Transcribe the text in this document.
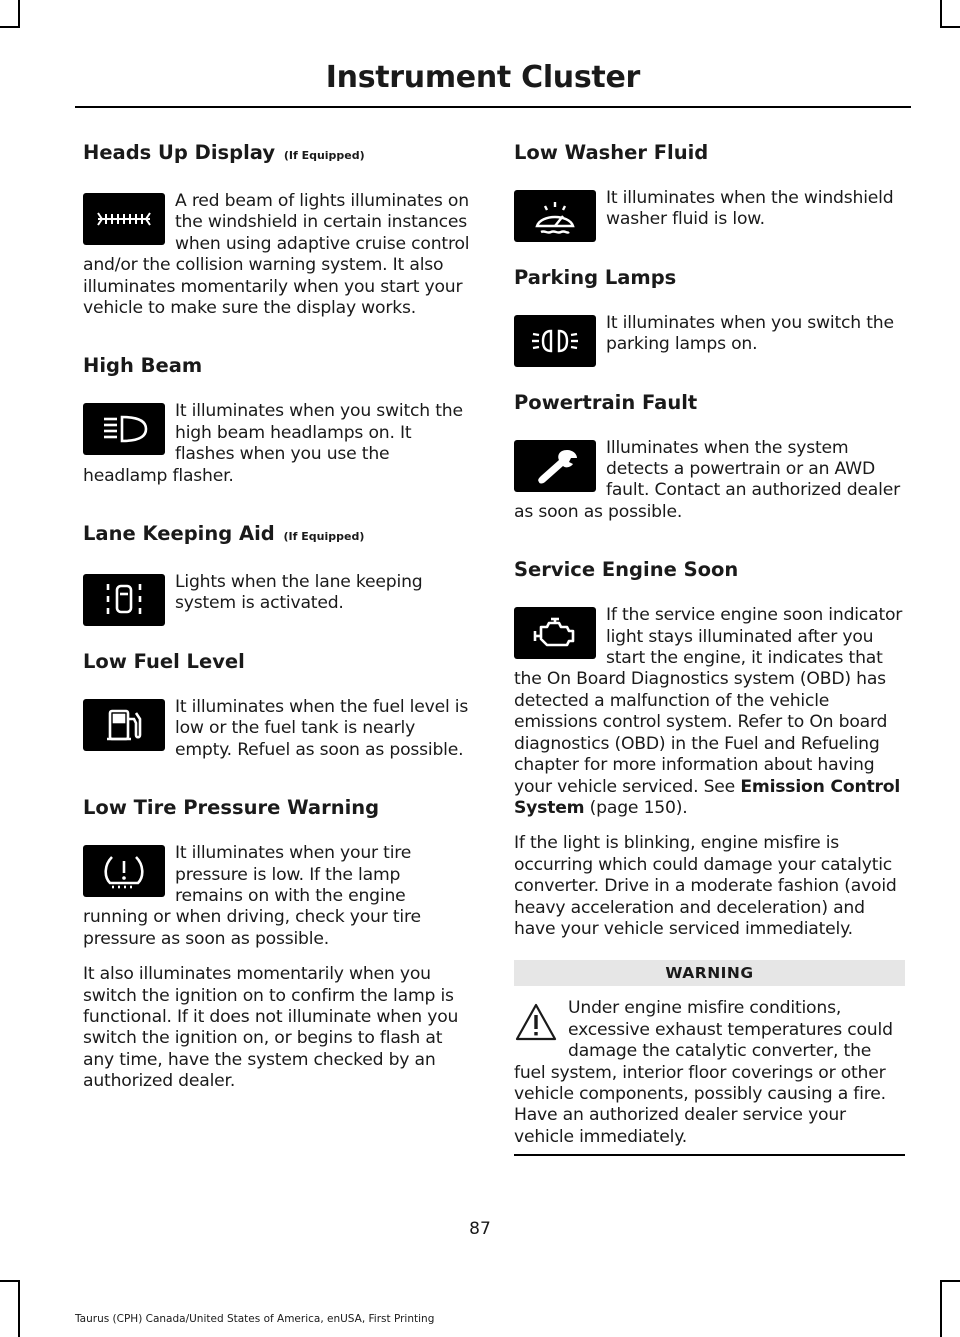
Instrument Cluster
Heads Up Display (If Equipped)

A red beam of lights illuminates on the windshield in certain instances when using adaptive cruise control and/or the collision warning system. It also illuminates momentarily when you start your vehicle to make sure the display works.

High Beam

It illuminates when you switch the high beam headlamps on. It flashes when you use the headlamp flasher.

Lane Keeping Aid (If Equipped)

Lights when the lane keeping system is activated.

Low Fuel Level

It illuminates when the fuel level is low or the fuel tank is nearly empty. Refuel as soon as possible.

Low Tire Pressure Warning

It illuminates when your tire pressure is low. If the lamp remains on with the engine running or when driving, check your tire pressure as soon as possible.

It also illuminates momentarily when you switch the ignition on to confirm the lamp is functional. If it does not illuminate when you switch the ignition on, or begins to flash at any time, have the system checked by an authorized dealer.

Low Washer Fluid

It illuminates when the windshield washer fluid is low.

Parking Lamps

It illuminates when you switch the parking lamps on.

Powertrain Fault

Illuminates when the system detects a powertrain or an AWD fault. Contact an authorized dealer as soon as possible.

Service Engine Soon

If the service engine soon indicator light stays illuminated after you start the engine, it indicates that the On Board Diagnostics system (OBD) has detected a malfunction of the vehicle emissions control system. Refer to On board diagnostics (OBD) in the Fuel and Refueling chapter for more information about having your vehicle serviced. See Emission Control System (page 150).

If the light is blinking, engine misfire is occurring which could damage your catalytic converter. Drive in a moderate fashion (avoid heavy acceleration and deceleration) and have your vehicle serviced immediately.

WARNING

Under engine misfire conditions, excessive exhaust temperatures could damage the catalytic converter, the fuel system, interior floor coverings or other vehicle components, possibly causing a fire. Have an authorized dealer service your vehicle immediately.

87
Taurus (CPH) Canada/United States of America, enUSA, First Printing
